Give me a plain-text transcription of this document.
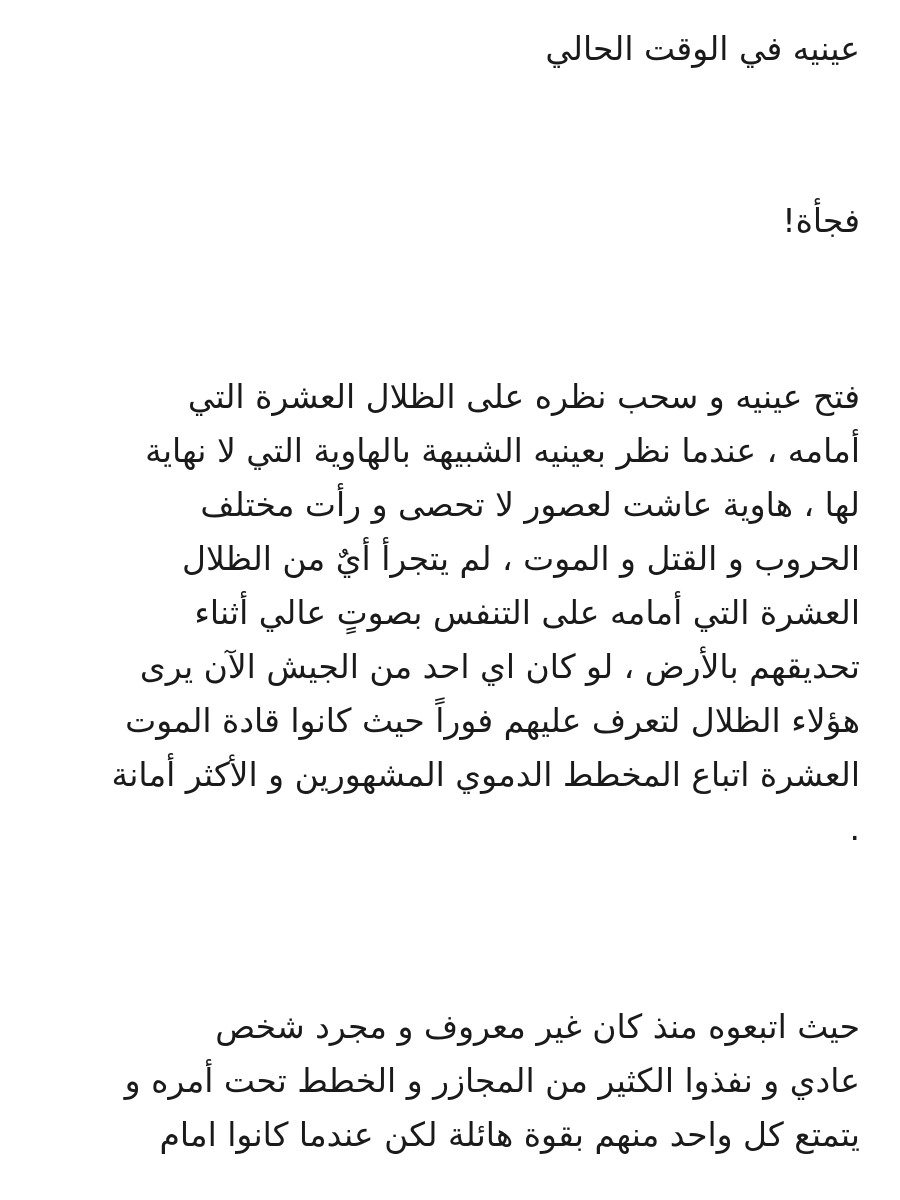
عينيه في الوقت الحالي

فجأة!

فتح عينيه و سحب نظره على الظلال العشرة التي
أمامه ، عندما نظر بعينيه الشبيهة بالهاوية التي لا نهاية
لها ، هاوية عاشت لعصور لا تحصى و رأت مختلف
الحروب و القتل و الموت ، لم يتجرأ أيٌ من الظلال
العشرة التي أمامه على التنفس بصوتٍ عالي أثناء
تحديقهم بالأرض ، لو كان اي احد من الجيش الآن يرى
هؤلاء الظلال لتعرف عليهم فوراً حيث كانوا قادة الموت
العشرة اتباع المخطط الدموي المشهورين و الأكثر أمانة
.

حيث اتبعوه منذ كان غير معروف و مجرد شخص
عادي و نفذوا الكثير من المجازر و الخطط تحت أمره و
يتمتع كل واحد منهم بقوة هائلة لكن عندما كانوا امام
